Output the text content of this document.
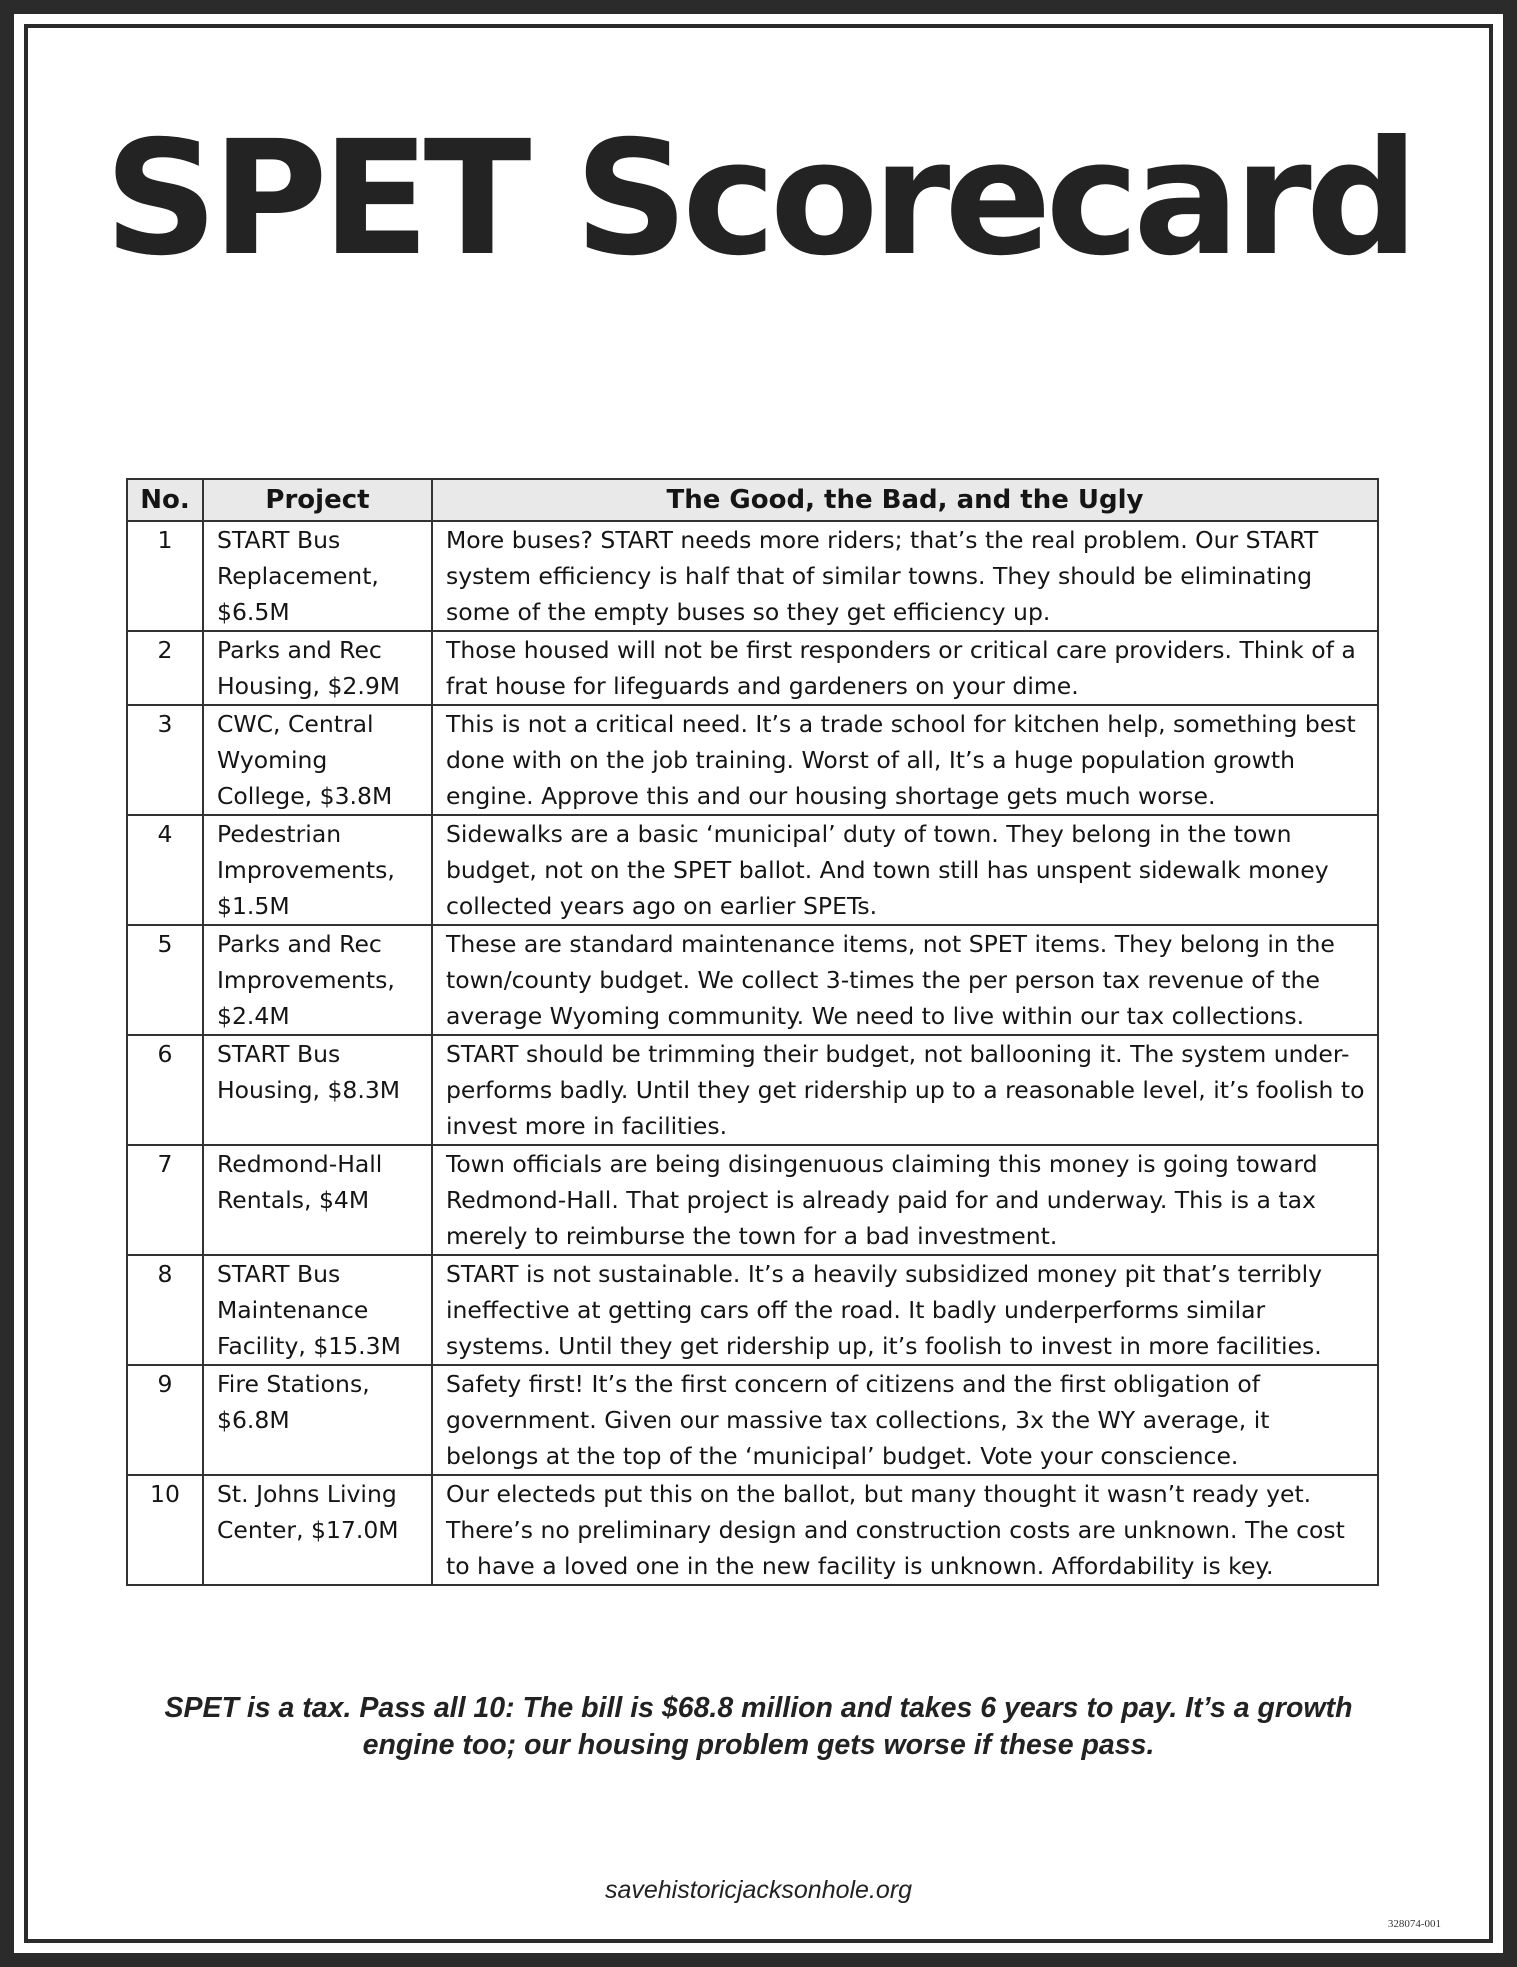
SPET Scorecard
No.	Project	The Good, the Bad, and the Ugly
1	START Bus Replacement, $6.5M	More buses? START needs more riders; that’s the real problem. Our START system efficiency is half that of similar towns. They should be eliminating some of the empty buses so they get efficiency up.
2	Parks and Rec Housing, $2.9M	Those housed will not be first responders or critical care providers. Think of a frat house for lifeguards and gardeners on your dime.
3	CWC, Central Wyoming College, $3.8M	This is not a critical need. It’s a trade school for kitchen help, something best done with on the job training. Worst of all, It’s a huge population growth engine. Approve this and our housing shortage gets much worse.
4	Pedestrian Improvements, $1.5M	Sidewalks are a basic ‘municipal’ duty of town. They belong in the town budget, not on the SPET ballot. And town still has unspent sidewalk money collected years ago on earlier SPETs.
5	Parks and Rec Improvements, $2.4M	These are standard maintenance items, not SPET items. They belong in the town/county budget. We collect 3-times the per person tax revenue of the average Wyoming community. We need to live within our tax collections.
6	START Bus Housing, $8.3M	START should be trimming their budget, not ballooning it. The system under-performs badly. Until they get ridership up to a reasonable level, it’s foolish to invest more in facilities.
7	Redmond-Hall Rentals, $4M	Town officials are being disingenuous claiming this money is going toward Redmond-Hall. That project is already paid for and underway. This is a tax merely to reimburse the town for a bad investment.
8	START Bus Maintenance Facility, $15.3M	START is not sustainable. It’s a heavily subsidized money pit that’s terribly ineffective at getting cars off the road. It badly underperforms similar systems. Until they get ridership up, it’s foolish to invest in more facilities.
9	Fire Stations, $6.8M	Safety first! It’s the first concern of citizens and the first obligation of government. Given our massive tax collections, 3x the WY average, it belongs at the top of the ‘municipal’ budget. Vote your conscience.
10	St. Johns Living Center, $17.0M	Our electeds put this on the ballot, but many thought it wasn’t ready yet. There’s no preliminary design and construction costs are unknown. The cost to have a loved one in the new facility is unknown. Affordability is key.

SPET is a tax. Pass all 10: The bill is $68.8 million and takes 6 years to pay. It’s a growth engine too; our housing problem gets worse if these pass.

savehistoricjacksonhole.org
328074-001
